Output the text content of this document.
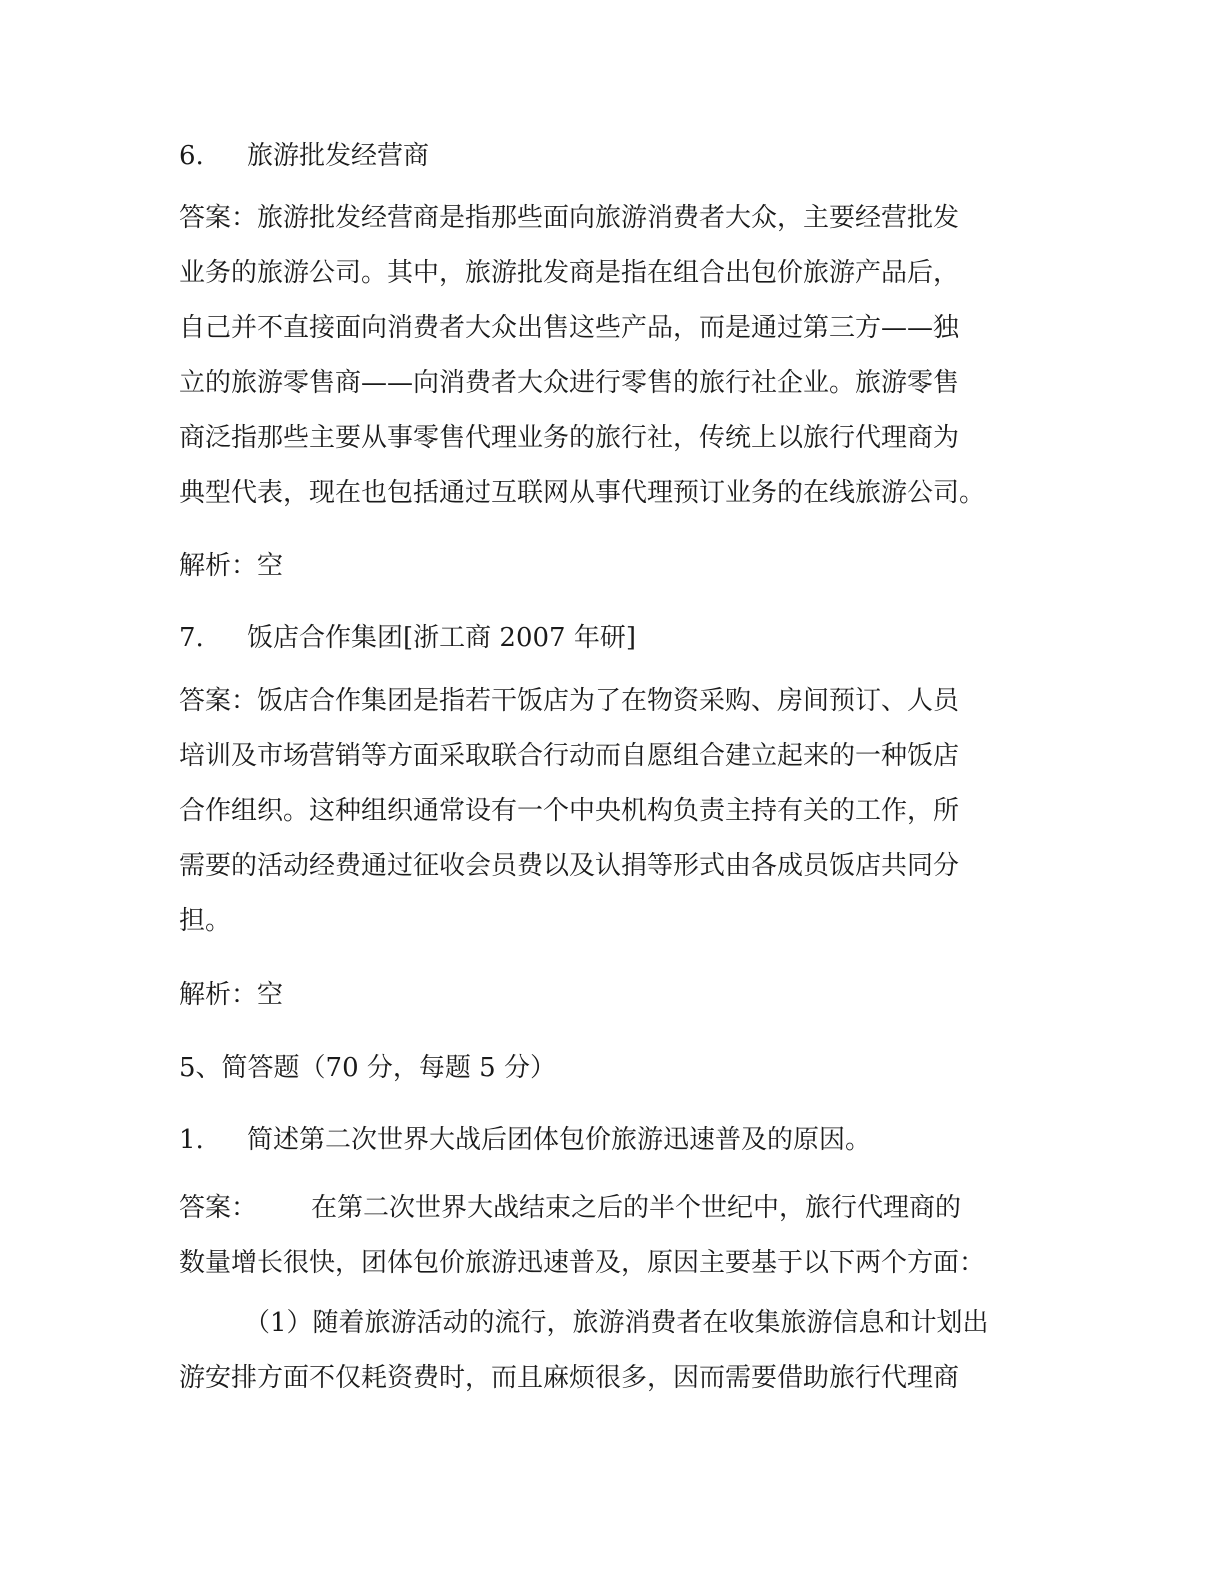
6. 旅游批发经营商
答案：旅游批发经营商是指那些面向旅游消费者大众，主要经营批发
业务的旅游公司。其中，旅游批发商是指在组合出包价旅游产品后，
自己并不直接面向消费者大众出售这些产品，而是通过第三方——独
立的旅游零售商——向消费者大众进行零售的旅行社企业。旅游零售
商泛指那些主要从事零售代理业务的旅行社，传统上以旅行代理商为
典型代表，现在也包括通过互联网从事代理预订业务的在线旅游公司。
解析：空
7. 饭店合作集团[浙工商 2007 年研]
答案：饭店合作集团是指若干饭店为了在物资采购、房间预订、人员
培训及市场营销等方面采取联合行动而自愿组合建立起来的一种饭店
合作组织。这种组织通常设有一个中央机构负责主持有关的工作，所
需要的活动经费通过征收会员费以及认捐等形式由各成员饭店共同分
担。
解析：空
5、简答题（70 分，每题 5 分）
1. 简述第二次世界大战后团体包价旅游迅速普及的原因。
答案： 在第二次世界大战结束之后的半个世纪中，旅行代理商的
数量增长很快，团体包价旅游迅速普及，原因主要基于以下两个方面：
（1）随着旅游活动的流行，旅游消费者在收集旅游信息和计划出
游安排方面不仅耗资费时，而且麻烦很多，因而需要借助旅行代理商
